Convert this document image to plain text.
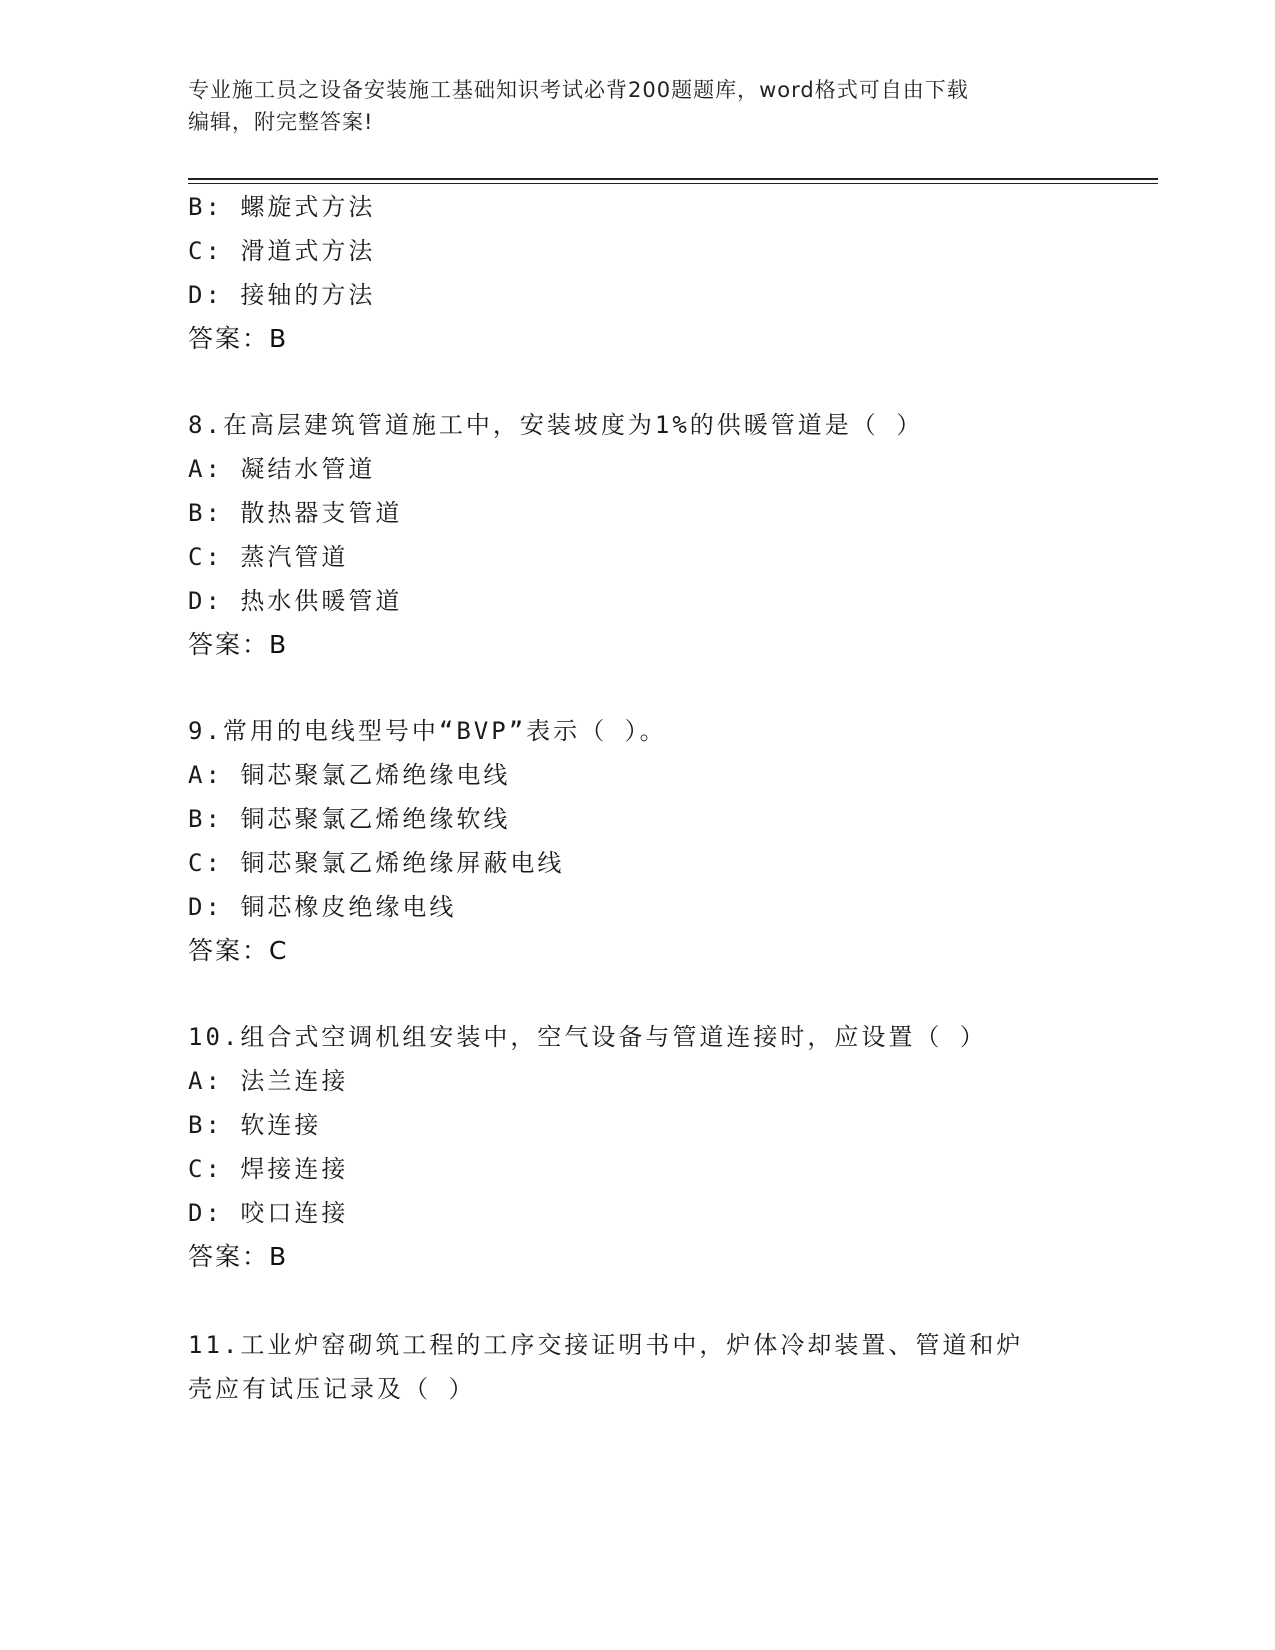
专业施工员之设备安装施工基础知识考试必背200题题库，word格式可自由下载
编辑，附完整答案!
B: 螺旋式方法
C: 滑道式方法
D: 接轴的方法
答案：B
8.在高层建筑管道施工中，安装坡度为1%的供暖管道是（ ）
A: 凝结水管道
B: 散热器支管道
C: 蒸汽管道
D: 热水供暖管道
答案：B
9.常用的电线型号中“BVP”表示（ ）。
A: 铜芯聚氯乙烯绝缘电线
B: 铜芯聚氯乙烯绝缘软线
C: 铜芯聚氯乙烯绝缘屏蔽电线
D: 铜芯橡皮绝缘电线
答案：C
10.组合式空调机组安装中，空气设备与管道连接时，应设置（ ）
A: 法兰连接
B: 软连接
C: 焊接连接
D: 咬口连接
答案：B
11.工业炉窑砌筑工程的工序交接证明书中，炉体冷却装置、管道和炉
壳应有试压记录及（ ）
